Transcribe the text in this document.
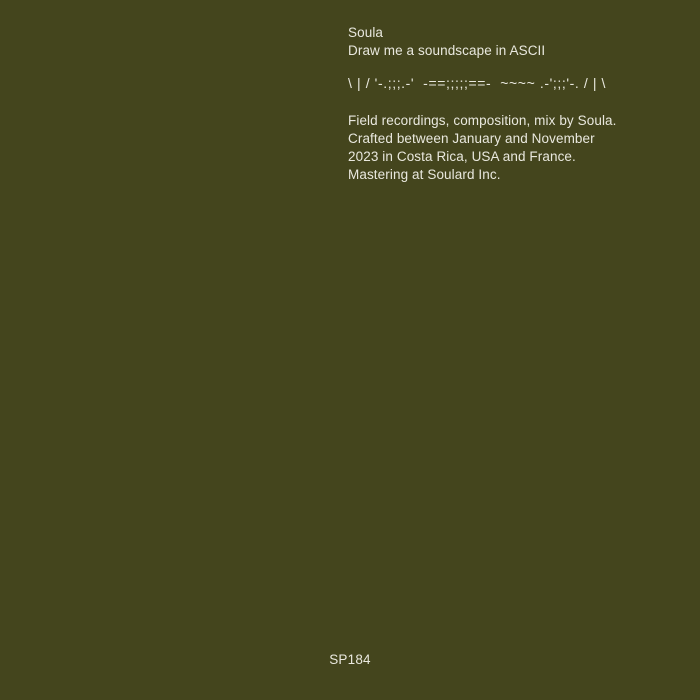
Soula
Draw me a soundscape in ASCII
\ | / '-.;;;.-'  -==;;;;;==-  ~~~~ .-';;;'-. / | \
Field recordings, composition, mix by Soula.
Crafted between January and November
2023 in Costa Rica, USA and France.
Mastering at Soulard Inc.
SP184
